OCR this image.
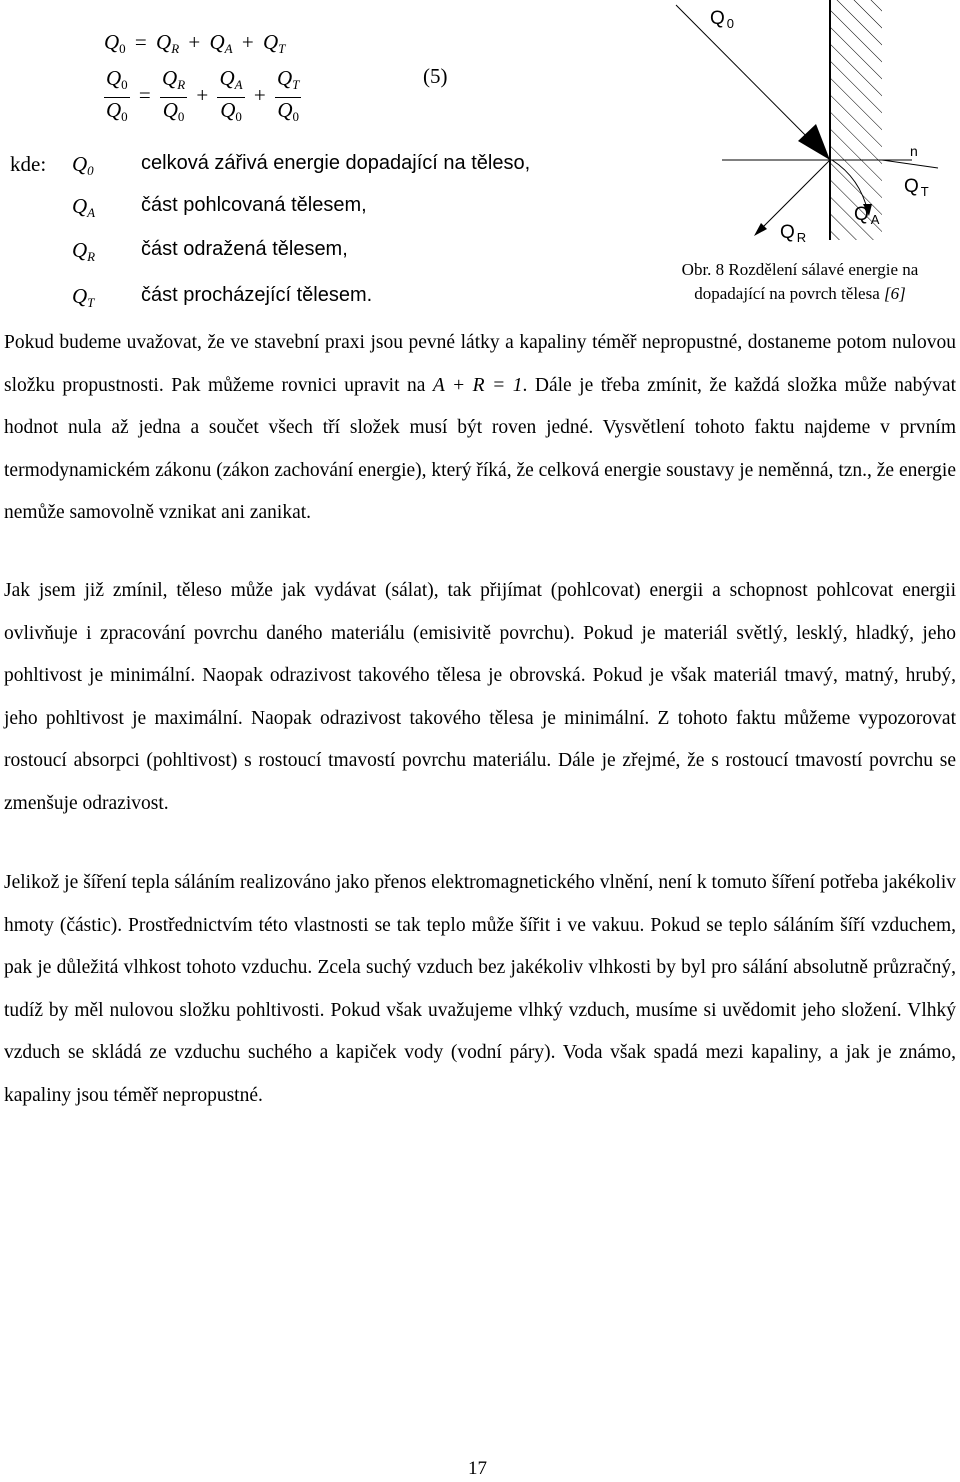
$Q_0 = Q_R + Q_A + Q_T$
$\frac{Q_0}{Q_0} = \frac{Q_R}{Q_0} + \frac{Q_A}{Q_0} + \frac{Q_T}{Q_0}$	(5)
kde: $Q_0$ celková zářivá energie dopadající na těleso,
$Q_A$ část pohlcovaná tělesem,
$Q_R$ část odražená tělesem,
$Q_T$ část procházející tělesem.
Q $_0$
n
Q $_T$
Q $_A$
Q $_R$
Obr. 8 Rozdělení sálavé energie na
dopadající na povrch tělesa [6]
Pokud budeme uvažovat, že ve stavební praxi jsou pevné látky a kapaliny téměř nepropustné, dostaneme potom nulovou složku propustnosti. Pak můžeme rovnici upravit na A + R = 1. Dále je třeba zmínit, že každá složka může nabývat hodnot nula až jedna a součet všech tří složek musí být roven jedné. Vysvětlení tohoto faktu najdeme v prvním termodynamickém zákonu (zákon zachování energie), který říká, že celková energie soustavy je neměnná, tzn., že energie nemůže samovolně vznikat ani zanikat.
Jak jsem již zmínil, těleso může jak vydávat (sálat), tak přijímat (pohlcovat) energii a schopnost pohlcovat energii ovlivňuje i zpracování povrchu daného materiálu (emisivitě povrchu). Pokud je materiál světlý, lesklý, hladký, jeho pohltivost je minimální. Naopak odrazivost takového tělesa je obrovská. Pokud je však materiál tmavý, matný, hrubý, jeho pohltivost je maximální. Naopak odrazivost takového tělesa je minimální. Z tohoto faktu můžeme vypozorovat rostoucí absorpci (pohltivost) s rostoucí tmavostí povrchu materiálu. Dále je zřejmé, že s rostoucí tmavostí povrchu se zmenšuje odrazivost.
Jelikož je šíření tepla sáláním realizováno jako přenos elektromagnetického vlnění, není k tomuto šíření potřeba jakékoliv hmoty (částic). Prostřednictvím této vlastnosti se tak teplo může šířit i ve vakuu. Pokud se teplo sáláním šíří vzduchem, pak je důležitá vlhkost tohoto vzduchu. Zcela suchý vzduch bez jakékoliv vlhkosti by byl pro sálání absolutně průzračný, tudíž by měl nulovou složku pohltivosti. Pokud však uvažujeme vlhký vzduch, musíme si uvědomit jeho složení. Vlhký vzduch se skládá ze vzduchu suchého a kapiček vody (vodní páry). Voda však spadá mezi kapaliny, a jak je známo, kapaliny jsou téměř nepropustné.
17
